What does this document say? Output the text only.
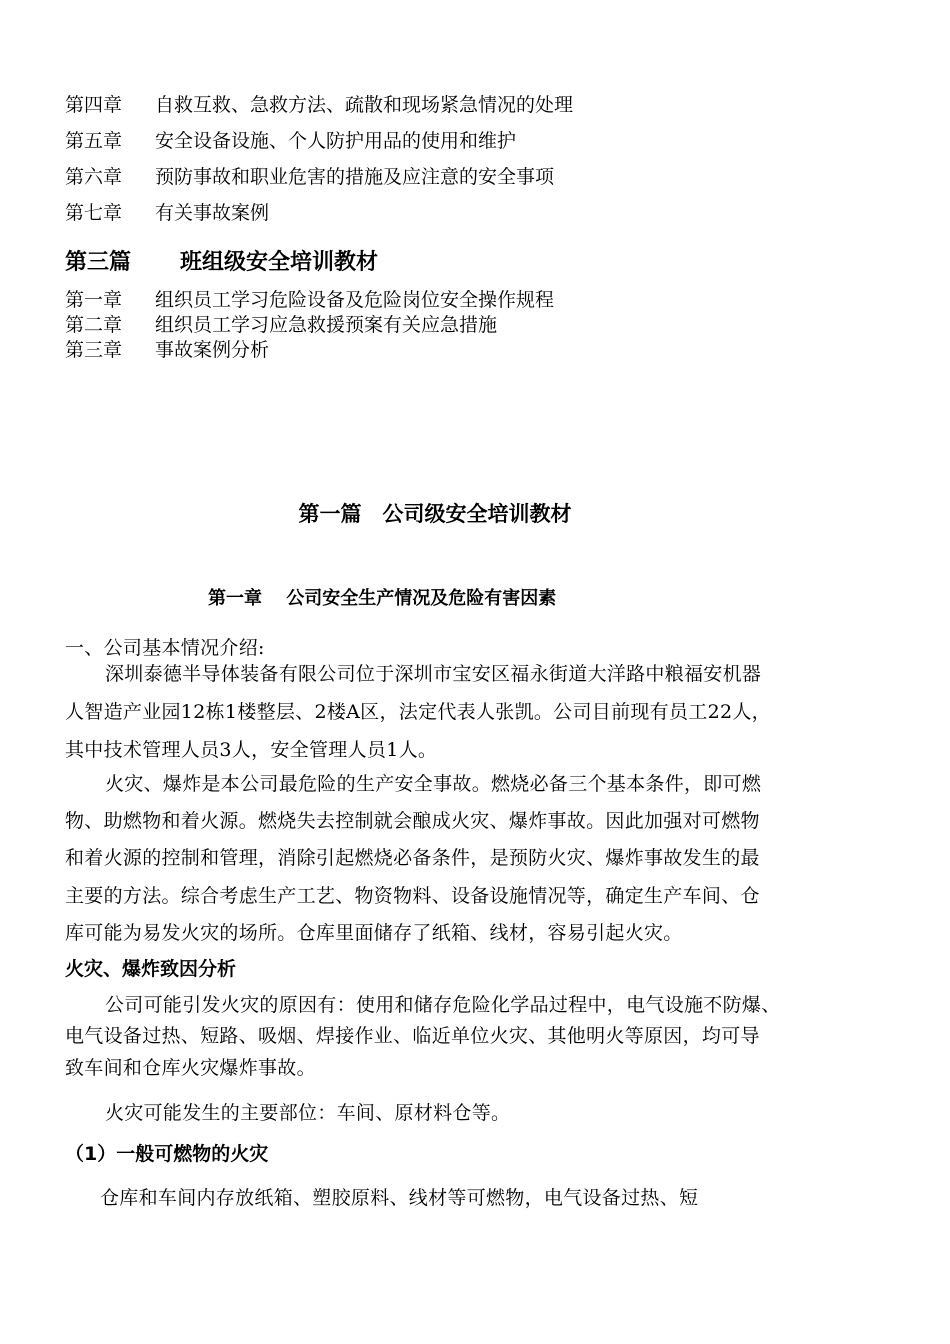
第四章 自救互救、急救方法、疏散和现场紧急情况的处理
第五章 安全设备设施、个人防护用品的使用和维护
第六章 预防事故和职业危害的措施及应注意的安全事项
第七章 有关事故案例
第三篇 班组级安全培训教材
第一章 组织员工学习危险设备及危险岗位安全操作规程
第二章 组织员工学习应急救援预案有关应急措施
第三章 事故案例分析
第一篇　公司级安全培训教材
第一章　 公司安全生产情况及危险有害因素
一、公司基本情况介绍:
深圳泰德半导体装备有限公司位于深圳市宝安区福永街道大洋路中粮福安机器
人智造产业园12栋1楼整层、2楼A区，法定代表人张凯。公司目前现有员工22人，
其中技术管理人员3人，安全管理人员1人。
火灾、爆炸是本公司最危险的生产安全事故。燃烧必备三个基本条件，即可燃
物、助燃物和着火源。燃烧失去控制就会酿成火灾、爆炸事故。因此加强对可燃物
和着火源的控制和管理，消除引起燃烧必备条件，是预防火灾、爆炸事故发生的最
主要的方法。综合考虑生产工艺、物资物料、设备设施情况等，确定生产车间、仓
库可能为易发火灾的场所。仓库里面储存了纸箱、线材，容易引起火灾。
火灾、爆炸致因分析
公司可能引发火灾的原因有：使用和储存危险化学品过程中，电气设施不防爆、
电气设备过热、短路、吸烟、焊接作业、临近单位火灾、其他明火等原因，均可导
致车间和仓库火灾爆炸事故。
火灾可能发生的主要部位：车间、原材料仓等。
（1）一般可燃物的火灾
仓库和车间内存放纸箱、塑胶原料、线材等可燃物，电气设备过热、短
